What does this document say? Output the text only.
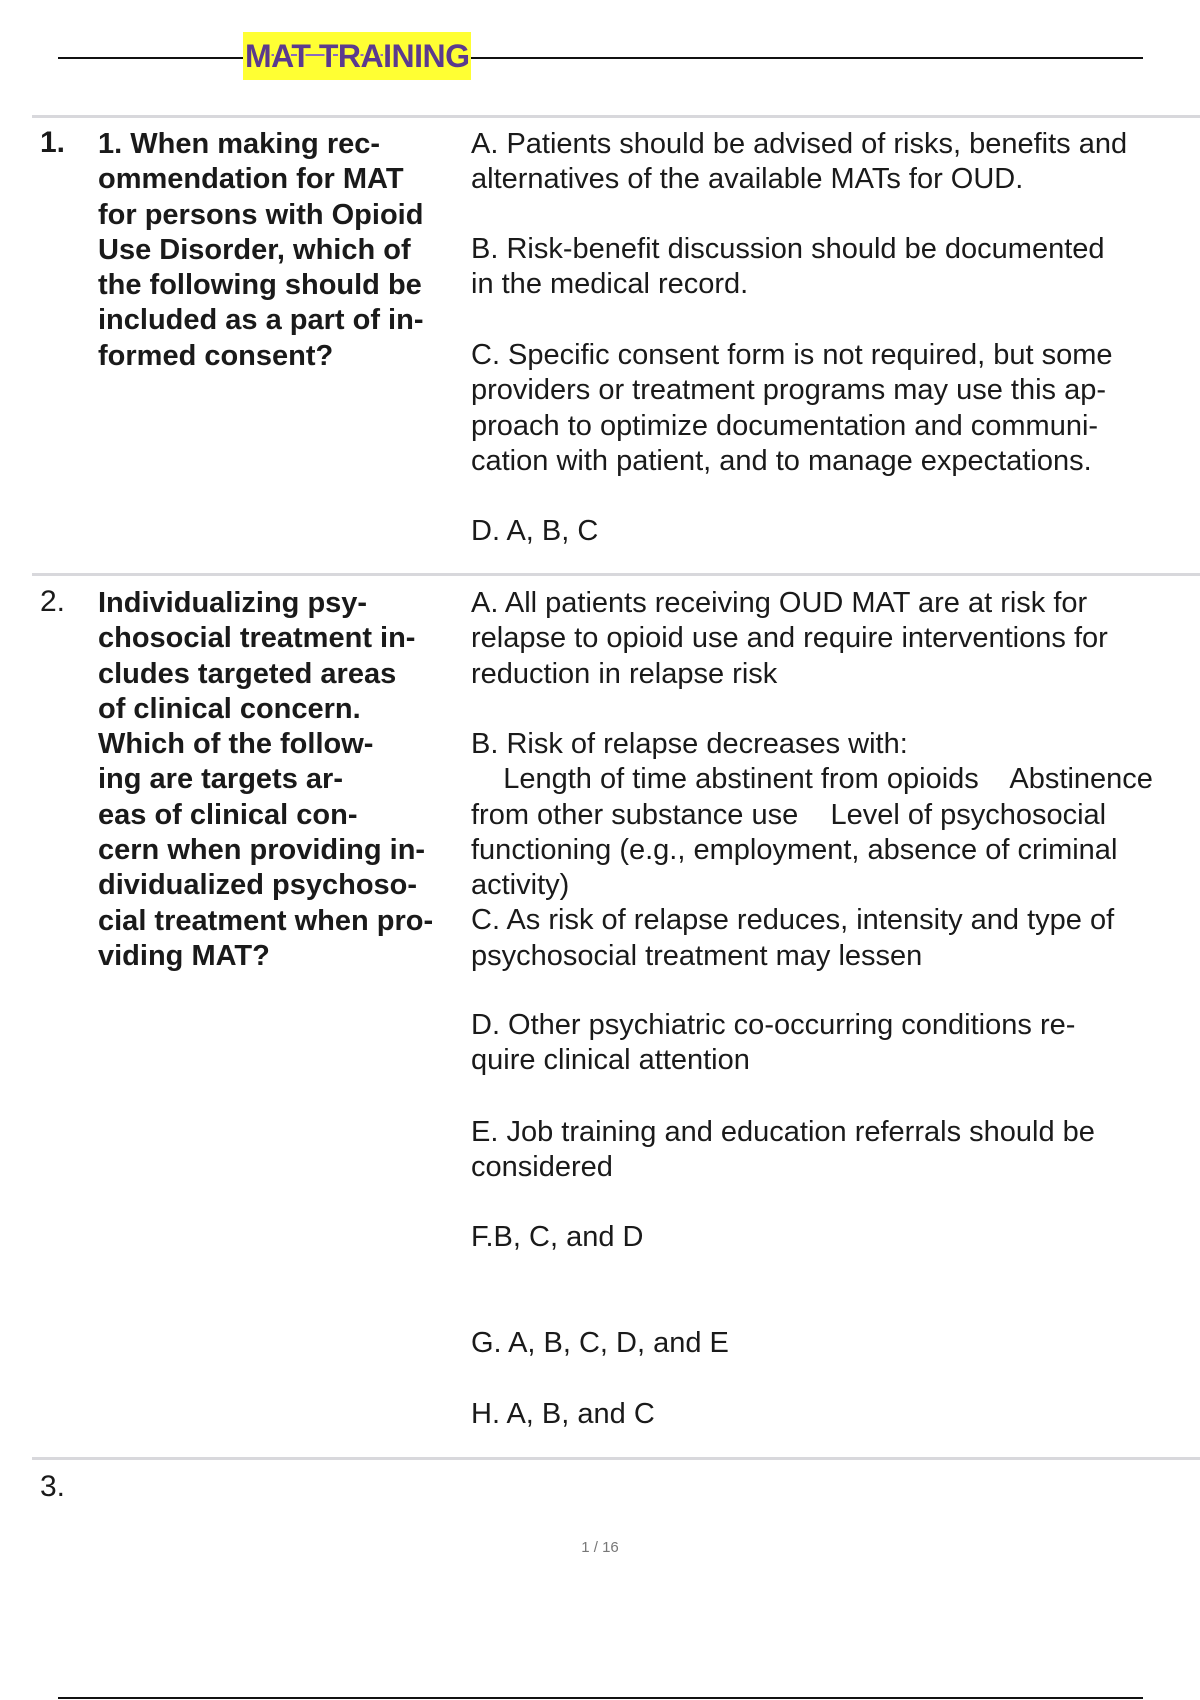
MAT TRAINING
1. 1. When making rec-
ommendation for MAT
for persons with Opioid
Use Disorder, which of
the following should be
included as a part of in-
formed consent?
A. Patients should be advised of risks, benefits and
alternatives of the available MATs for OUD.
B. Risk-benefit discussion should be documented
in the medical record.
C. Specific consent form is not required, but some
providers or treatment programs may use this ap-
proach to optimize documentation and communi-
cation with patient, and to manage expectations.
D. A, B, C
2. Individualizing psy-
chosocial treatment in-
cludes targeted areas
of clinical concern.
Which of the follow-
ing are targets ar-
eas of clinical con-
cern when providing in-
dividualized psychoso-
cial treatment when pro-
viding MAT?
A. All patients receiving OUD MAT are at risk for
relapse to opioid use and require interventions for
reduction in relapse risk
B. Risk of relapse decreases with:
Length of time abstinent from opioids    Abstinence
from other substance use    Level of psychosocial
functioning (e.g., employment, absence of criminal
activity)
C. As risk of relapse reduces, intensity and type of
psychosocial treatment may lessen
D. Other psychiatric co-occurring conditions re-
quire clinical attention
E. Job training and education referrals should be
considered
F.B, C, and D
G. A, B, C, D, and E
H. A, B, and C
3.
1 / 16
